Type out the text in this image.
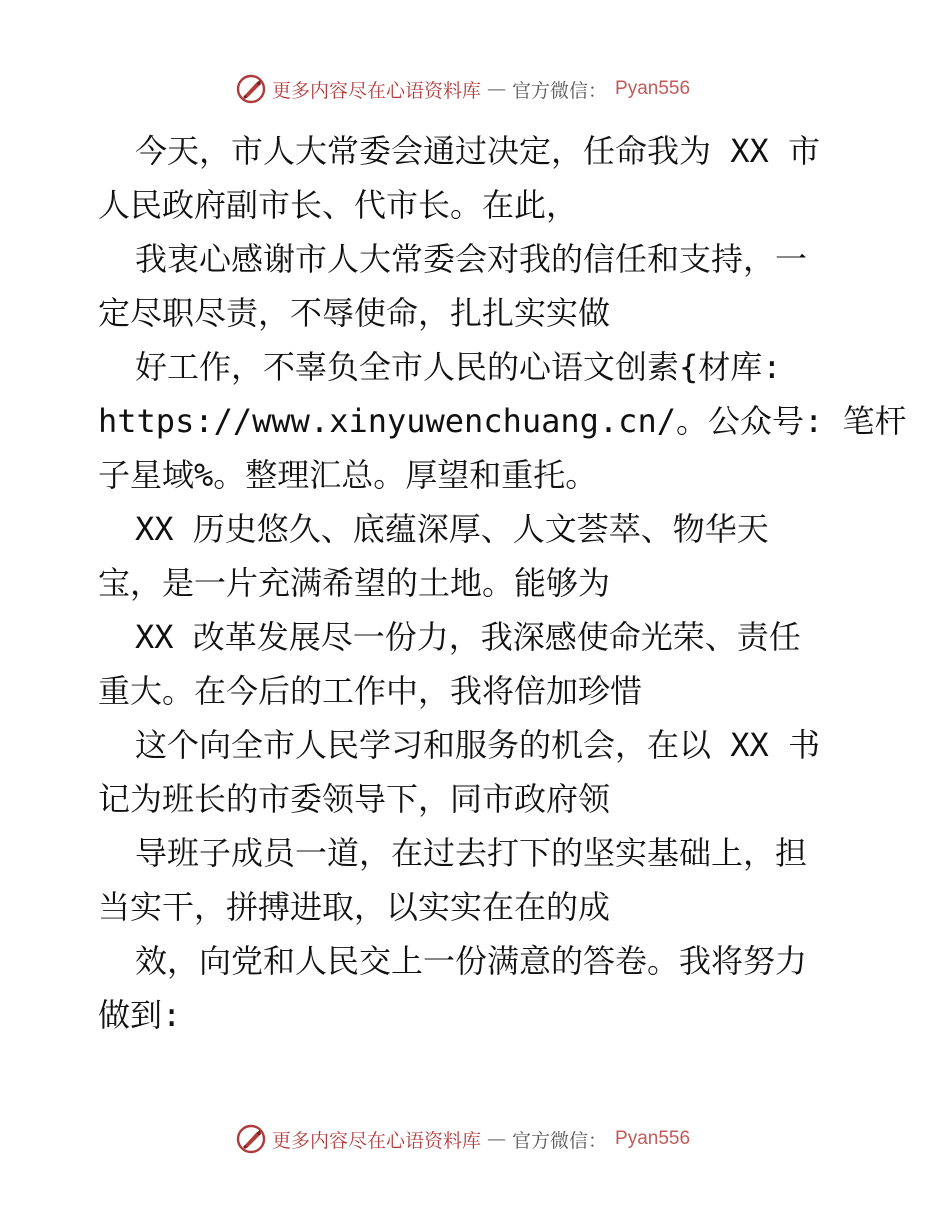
更多内容尽在心语资料库 — 官方微信： Pyan556
今天，市人大常委会通过决定，任命我为 XX 市
人民政府副市长、代市长。在此，
我衷心感谢市人大常委会对我的信任和支持，一
定尽职尽责，不辱使命，扎扎实实做
好工作，不辜负全市人民的心语文创素{材库:
https://www.xinyuwenchuang.cn/。公众号: 笔杆
子星域%。整理汇总。厚望和重托。
XX 历史悠久、底蕴深厚、人文荟萃、物华天
宝，是一片充满希望的土地。能够为
XX 改革发展尽一份力，我深感使命光荣、责任
重大。在今后的工作中，我将倍加珍惜
这个向全市人民学习和服务的机会，在以 XX 书
记为班长的市委领导下，同市政府领
导班子成员一道，在过去打下的坚实基础上，担
当实干，拼搏进取，以实实在在的成
效，向党和人民交上一份满意的答卷。我将努力
做到:
更多内容尽在心语资料库 — 官方微信： Pyan556
